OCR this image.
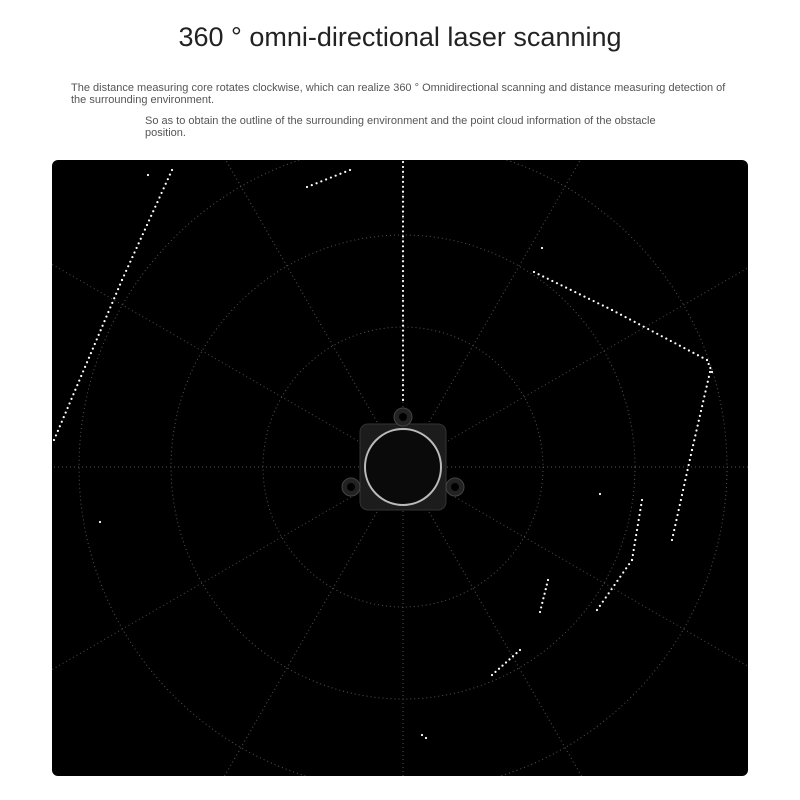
360 ° omni-directional laser scanning
The distance measuring core rotates clockwise, which can realize 360 ° Omnidirectional scanning and distance measuring detection of the surrounding environment.
So as to obtain the outline of the surrounding environment and the point cloud information of the obstacle position.
